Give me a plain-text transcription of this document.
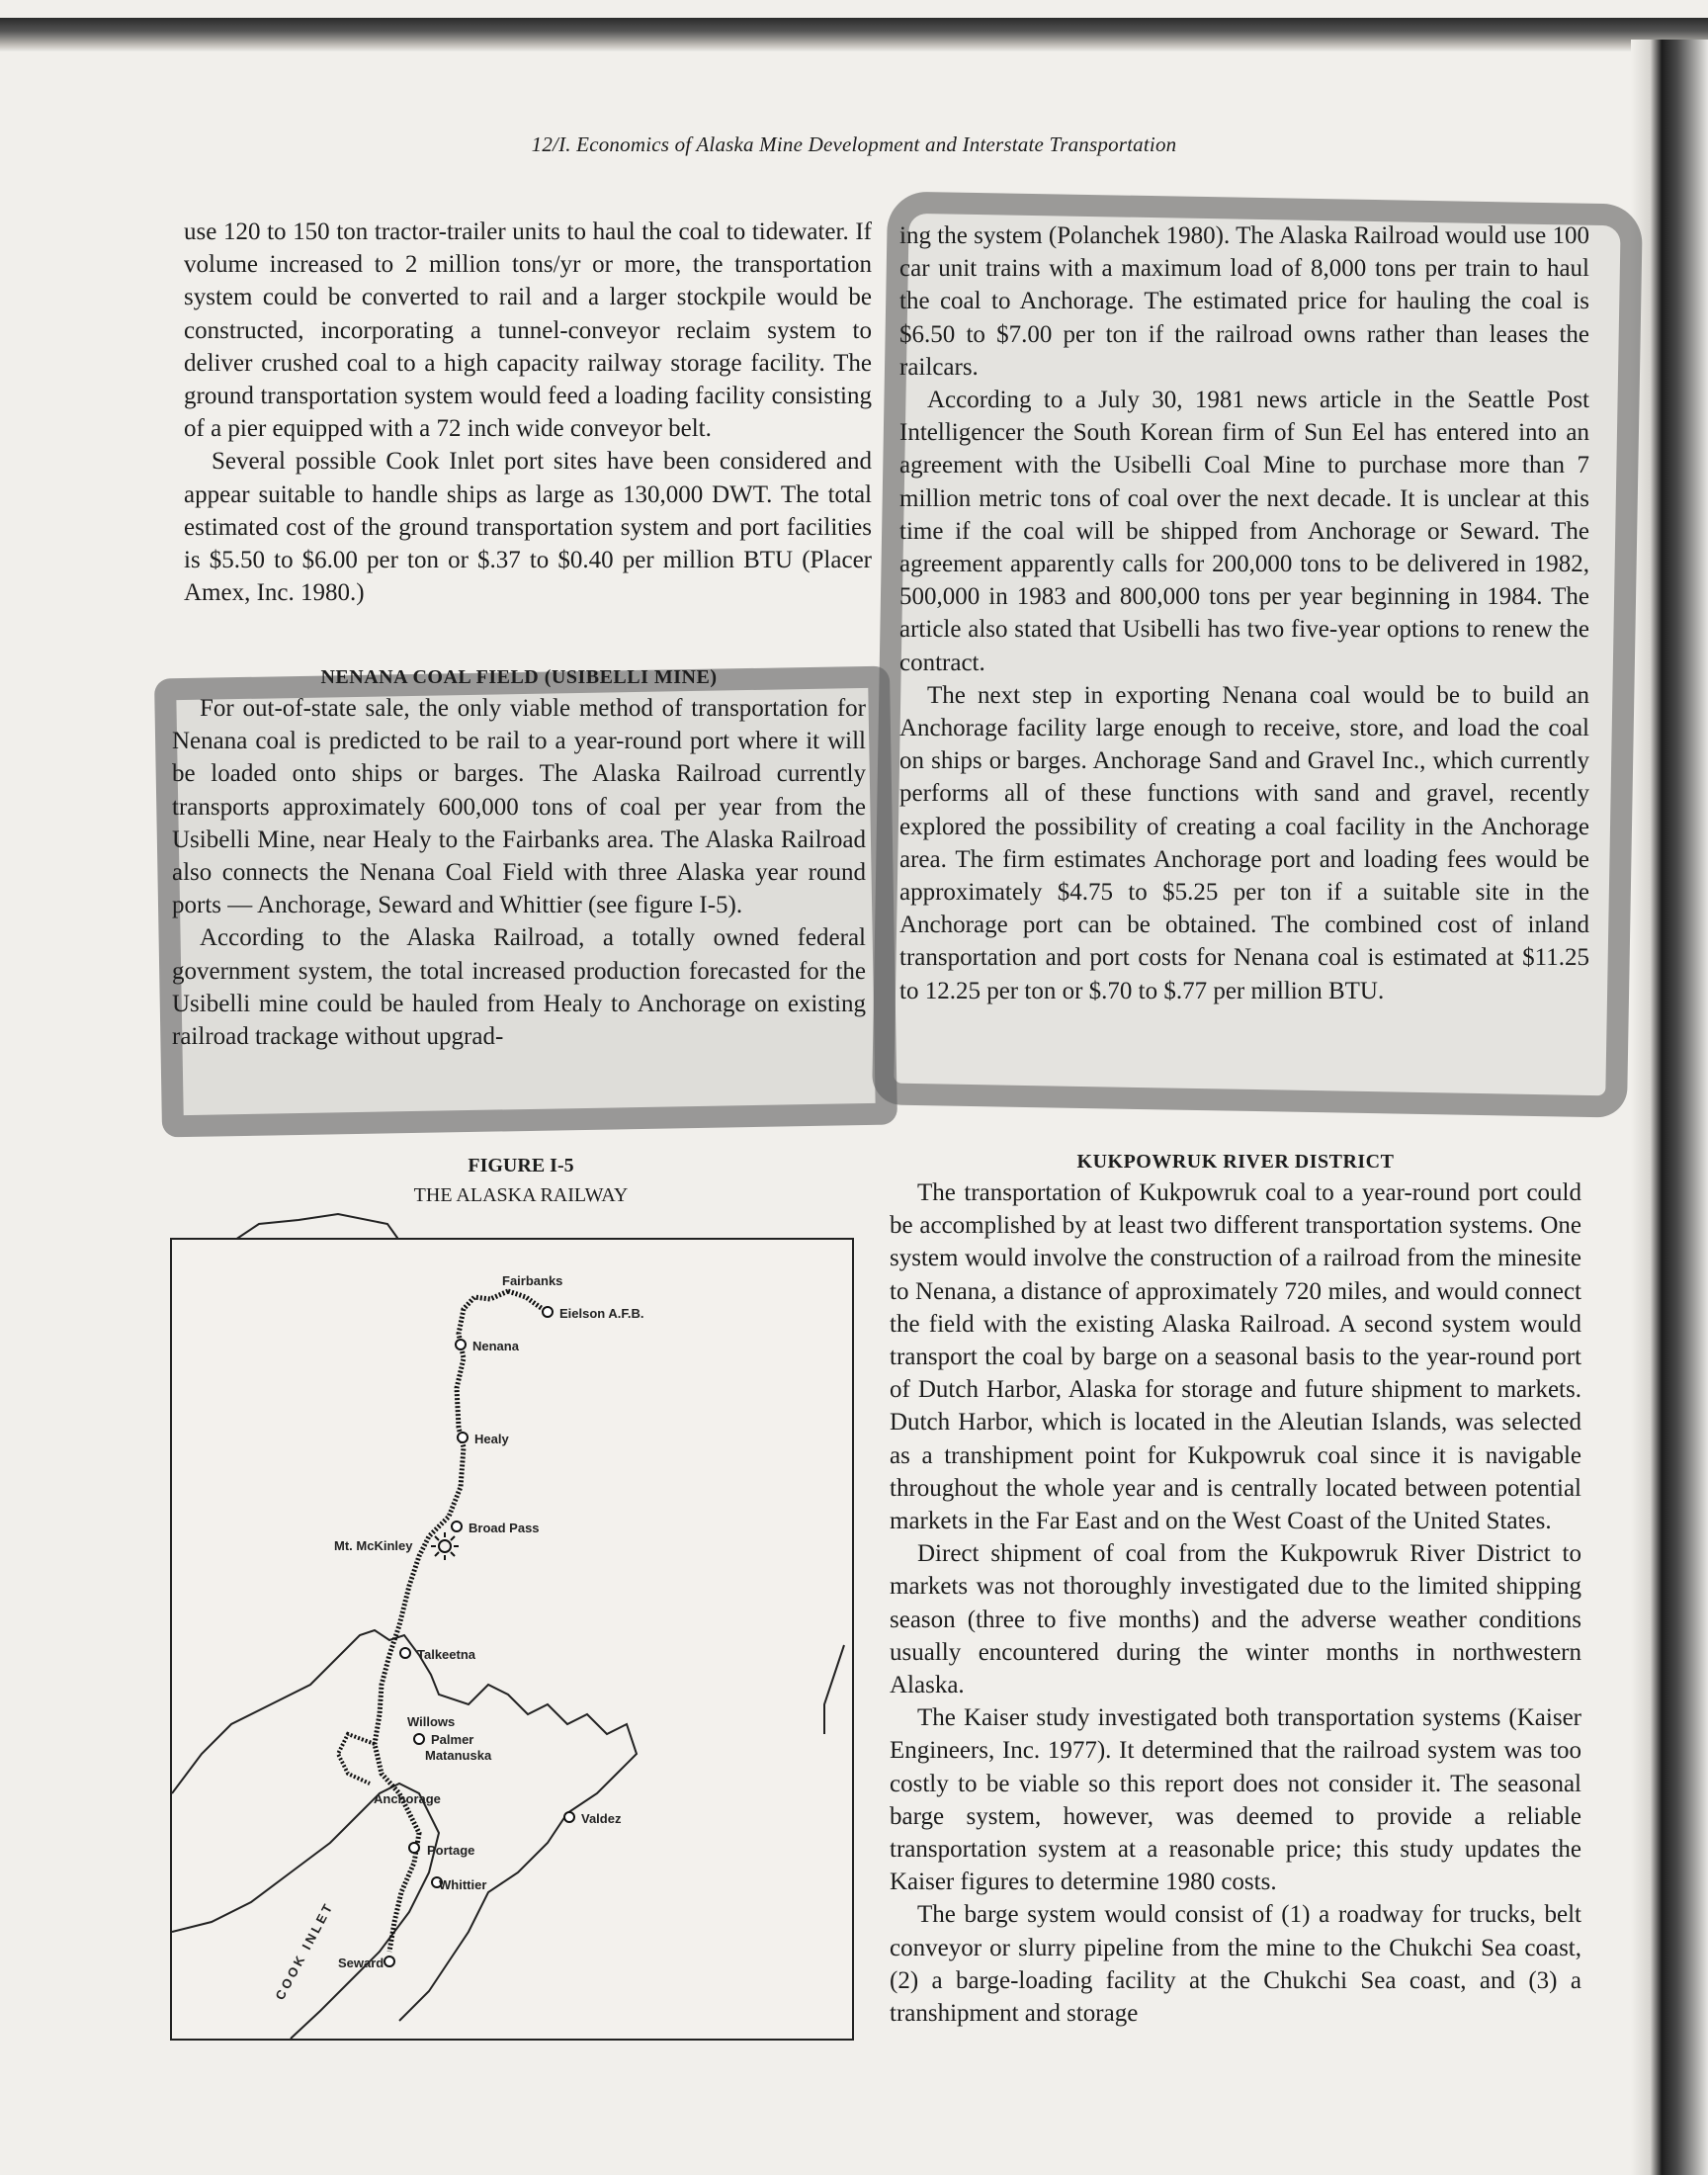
12/I. Economics of Alaska Mine Development and Interstate Transportation

use 120 to 150 ton tractor-trailer units to haul the coal to tidewater. If volume increased to 2 million tons/yr or more, the transportation system could be converted to rail and a larger stockpile would be constructed, incorporating a tunnel-conveyor reclaim system to deliver crushed coal to a high capacity railway storage facility. The ground transportation system would feed a loading facility consisting of a pier equipped with a 72 inch wide conveyor belt.

Several possible Cook Inlet port sites have been considered and appear suitable to handle ships as large as 130,000 DWT. The total estimated cost of the ground transportation system and port facilities is $5.50 to $6.00 per ton or $.37 to $0.40 per million BTU (Placer Amex, Inc. 1980.)

NENANA COAL FIELD (USIBELLI MINE)

For out-of-state sale, the only viable method of transportation for Nenana coal is predicted to be rail to a year-round port where it will be loaded onto ships or barges. The Alaska Railroad currently transports approximately 600,000 tons of coal per year from the Usibelli Mine, near Healy to the Fairbanks area. The Alaska Railroad also connects the Nenana Coal Field with three Alaska year round ports — Anchorage, Seward and Whittier (see figure I-5).

According to the Alaska Railroad, a totally owned federal government system, the total increased production forecasted for the Usibelli mine could be hauled from Healy to Anchorage on existing railroad trackage without upgrad-

ing the system (Polanchek 1980). The Alaska Railroad would use 100 car unit trains with a maximum load of 8,000 tons per train to haul the coal to Anchorage. The estimated price for hauling the coal is $6.50 to $7.00 per ton if the railroad owns rather than leases the railcars.

According to a July 30, 1981 news article in the Seattle Post Intelligencer the South Korean firm of Sun Eel has entered into an agreement with the Usibelli Coal Mine to purchase more than 7 million metric tons of coal over the next decade. It is unclear at this time if the coal will be shipped from Anchorage or Seward. The agreement apparently calls for 200,000 tons to be delivered in 1982, 500,000 in 1983 and 800,000 tons per year beginning in 1984. The article also stated that Usibelli has two five-year options to renew the contract.

The next step in exporting Nenana coal would be to build an Anchorage facility large enough to receive, store, and load the coal on ships or barges. Anchorage Sand and Gravel Inc., which currently performs all of these functions with sand and gravel, recently explored the possibility of creating a coal facility in the Anchorage area. The firm estimates Anchorage port and loading fees would be approximately $4.75 to $5.25 per ton if a suitable site in the Anchorage port can be obtained. The combined cost of inland transportation and port costs for Nenana coal is estimated at $11.25 to 12.25 per ton or $.70 to $.77 per million BTU.

KUKPOWRUK RIVER DISTRICT

The transportation of Kukpowruk coal to a year-round port could be accomplished by at least two different transportation systems. One system would involve the construction of a railroad from the minesite to Nenana, a distance of approximately 720 miles, and would connect the field with the existing Alaska Railroad. A second system would transport the coal by barge on a seasonal basis to the year-round port of Dutch Harbor, Alaska for storage and future shipment to markets. Dutch Harbor, which is located in the Aleutian Islands, was selected as a transhipment point for Kukpowruk coal since it is navigable throughout the whole year and is centrally located between potential markets in the Far East and on the West Coast of the United States.

Direct shipment of coal from the Kukpowruk River District to markets was not thoroughly investigated due to the limited shipping season (three to five months) and the adverse weather conditions usually encountered during the winter months in northwestern Alaska.

The Kaiser study investigated both transportation systems (Kaiser Engineers, Inc. 1977). It determined that the railroad system was too costly to be viable so this report does not consider it. The seasonal barge system, however, was deemed to provide a reliable transportation system at a reasonable price; this study updates the Kaiser figures to determine 1980 costs.

The barge system would consist of (1) a roadway for trucks, belt conveyor or slurry pipeline from the mine to the Chukchi Sea coast, (2) a barge-loading facility at the Chukchi Sea coast, and (3) a transhipment and storage

FIGURE I-5
THE ALASKA RAILWAY
Fairbanks
Eielson A.F.B.
Nenana
Healy
Broad Pass
Mt. McKinley
Talkeetna
Willows
Palmer
Matanuska
Anchorage
Valdez
Portage
Whittier
Seward
COOK INLET
